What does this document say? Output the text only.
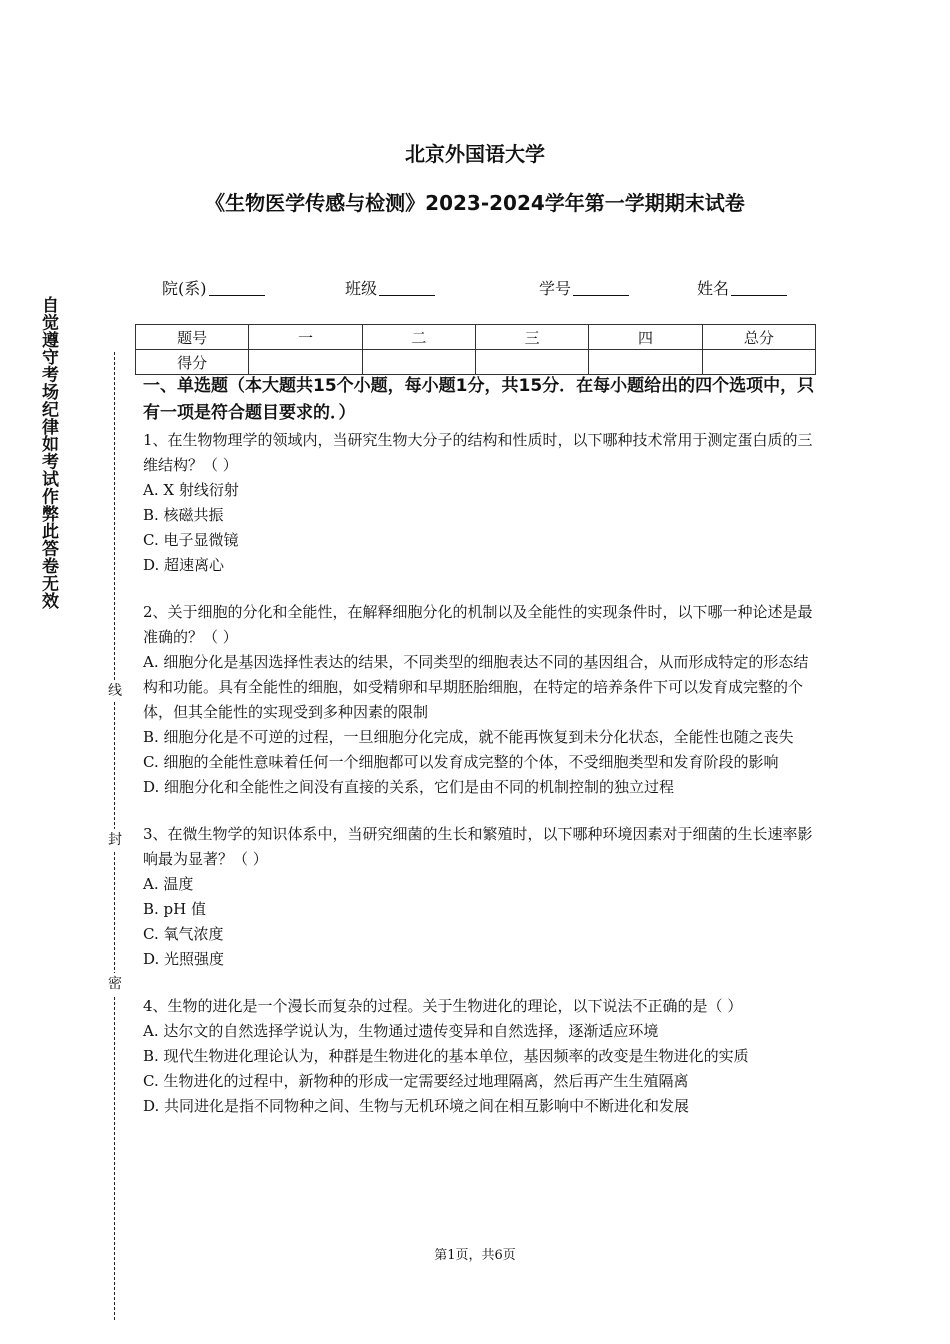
北京外国语大学
《生物医学传感与检测》2023-2024学年第一学期期末试卷
院(系)	班级	学号	姓名
题号	一	二	三	四	总分
得分					
自觉遵守考场纪律如考试作弊此答卷无效
线
封
密

一、单选题（本大题共15个小题，每小题1分，共15分．在每小题给出的四个选项中，只有一项是符合题目要求的．）

1、在生物物理学的领域内，当研究生物大分子的结构和性质时，以下哪种技术常用于测定蛋白质的三维结构？（ ）

A. X 射线衍射

B. 核磁共振

C. 电子显微镜

D. 超速离心

2、关于细胞的分化和全能性，在解释细胞分化的机制以及全能性的实现条件时，以下哪一种论述是最准确的？（ ）

A. 细胞分化是基因选择性表达的结果，不同类型的细胞表达不同的基因组合，从而形成特定的形态结构和功能。具有全能性的细胞，如受精卵和早期胚胎细胞，在特定的培养条件下可以发育成完整的个体，但其全能性的实现受到多种因素的限制

B. 细胞分化是不可逆的过程，一旦细胞分化完成，就不能再恢复到未分化状态，全能性也随之丧失

C. 细胞的全能性意味着任何一个细胞都可以发育成完整的个体，不受细胞类型和发育阶段的影响

D. 细胞分化和全能性之间没有直接的关系，它们是由不同的机制控制的独立过程

3、在微生物学的知识体系中，当研究细菌的生长和繁殖时，以下哪种环境因素对于细菌的生长速率影响最为显著？（ ）

A. 温度

B. pH 值

C. 氧气浓度

D. 光照强度

4、生物的进化是一个漫长而复杂的过程。关于生物进化的理论，以下说法不正确的是（ ）

A. 达尔文的自然选择学说认为，生物通过遗传变异和自然选择，逐渐适应环境

B. 现代生物进化理论认为，种群是生物进化的基本单位，基因频率的改变是生物进化的实质

C. 生物进化的过程中，新物种的形成一定需要经过地理隔离，然后再产生生殖隔离

D. 共同进化是指不同物种之间、生物与无机环境之间在相互影响中不断进化和发展

第1页，共6页
